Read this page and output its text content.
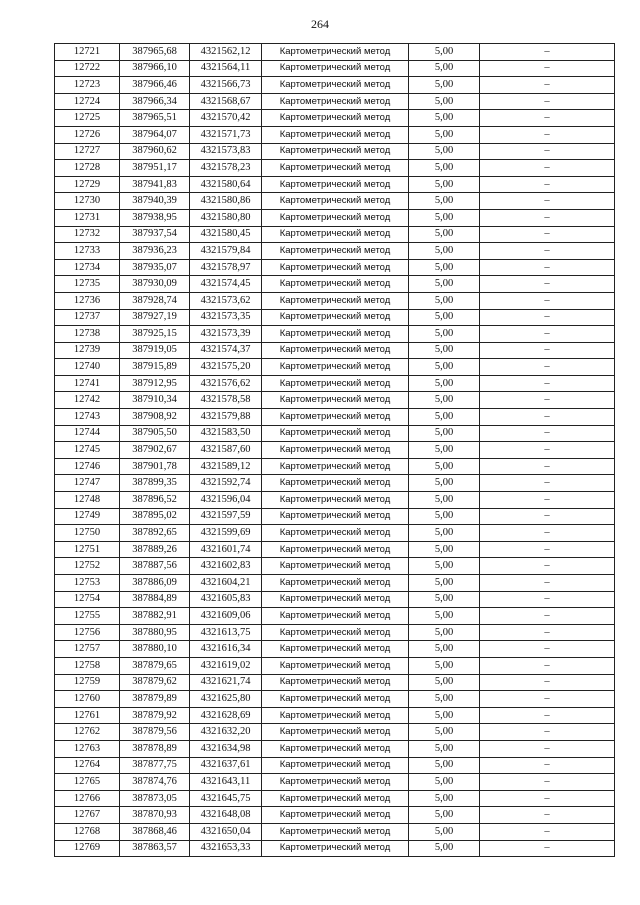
264
12721	387965,68	4321562,12	Картометрический метод	5,00	–
12722	387966,10	4321564,11	Картометрический метод	5,00	–
12723	387966,46	4321566,73	Картометрический метод	5,00	–
12724	387966,34	4321568,67	Картометрический метод	5,00	–
12725	387965,51	4321570,42	Картометрический метод	5,00	–
12726	387964,07	4321571,73	Картометрический метод	5,00	–
12727	387960,62	4321573,83	Картометрический метод	5,00	–
12728	387951,17	4321578,23	Картометрический метод	5,00	–
12729	387941,83	4321580,64	Картометрический метод	5,00	–
12730	387940,39	4321580,86	Картометрический метод	5,00	–
12731	387938,95	4321580,80	Картометрический метод	5,00	–
12732	387937,54	4321580,45	Картометрический метод	5,00	–
12733	387936,23	4321579,84	Картометрический метод	5,00	–
12734	387935,07	4321578,97	Картометрический метод	5,00	–
12735	387930,09	4321574,45	Картометрический метод	5,00	–
12736	387928,74	4321573,62	Картометрический метод	5,00	–
12737	387927,19	4321573,35	Картометрический метод	5,00	–
12738	387925,15	4321573,39	Картометрический метод	5,00	–
12739	387919,05	4321574,37	Картометрический метод	5,00	–
12740	387915,89	4321575,20	Картометрический метод	5,00	–
12741	387912,95	4321576,62	Картометрический метод	5,00	–
12742	387910,34	4321578,58	Картометрический метод	5,00	–
12743	387908,92	4321579,88	Картометрический метод	5,00	–
12744	387905,50	4321583,50	Картометрический метод	5,00	–
12745	387902,67	4321587,60	Картометрический метод	5,00	–
12746	387901,78	4321589,12	Картометрический метод	5,00	–
12747	387899,35	4321592,74	Картометрический метод	5,00	–
12748	387896,52	4321596,04	Картометрический метод	5,00	–
12749	387895,02	4321597,59	Картометрический метод	5,00	–
12750	387892,65	4321599,69	Картометрический метод	5,00	–
12751	387889,26	4321601,74	Картометрический метод	5,00	–
12752	387887,56	4321602,83	Картометрический метод	5,00	–
12753	387886,09	4321604,21	Картометрический метод	5,00	–
12754	387884,89	4321605,83	Картометрический метод	5,00	–
12755	387882,91	4321609,06	Картометрический метод	5,00	–
12756	387880,95	4321613,75	Картометрический метод	5,00	–
12757	387880,10	4321616,34	Картометрический метод	5,00	–
12758	387879,65	4321619,02	Картометрический метод	5,00	–
12759	387879,62	4321621,74	Картометрический метод	5,00	–
12760	387879,89	4321625,80	Картометрический метод	5,00	–
12761	387879,92	4321628,69	Картометрический метод	5,00	–
12762	387879,56	4321632,20	Картометрический метод	5,00	–
12763	387878,89	4321634,98	Картометрический метод	5,00	–
12764	387877,75	4321637,61	Картометрический метод	5,00	–
12765	387874,76	4321643,11	Картометрический метод	5,00	–
12766	387873,05	4321645,75	Картометрический метод	5,00	–
12767	387870,93	4321648,08	Картометрический метод	5,00	–
12768	387868,46	4321650,04	Картометрический метод	5,00	–
12769	387863,57	4321653,33	Картометрический метод	5,00	–
